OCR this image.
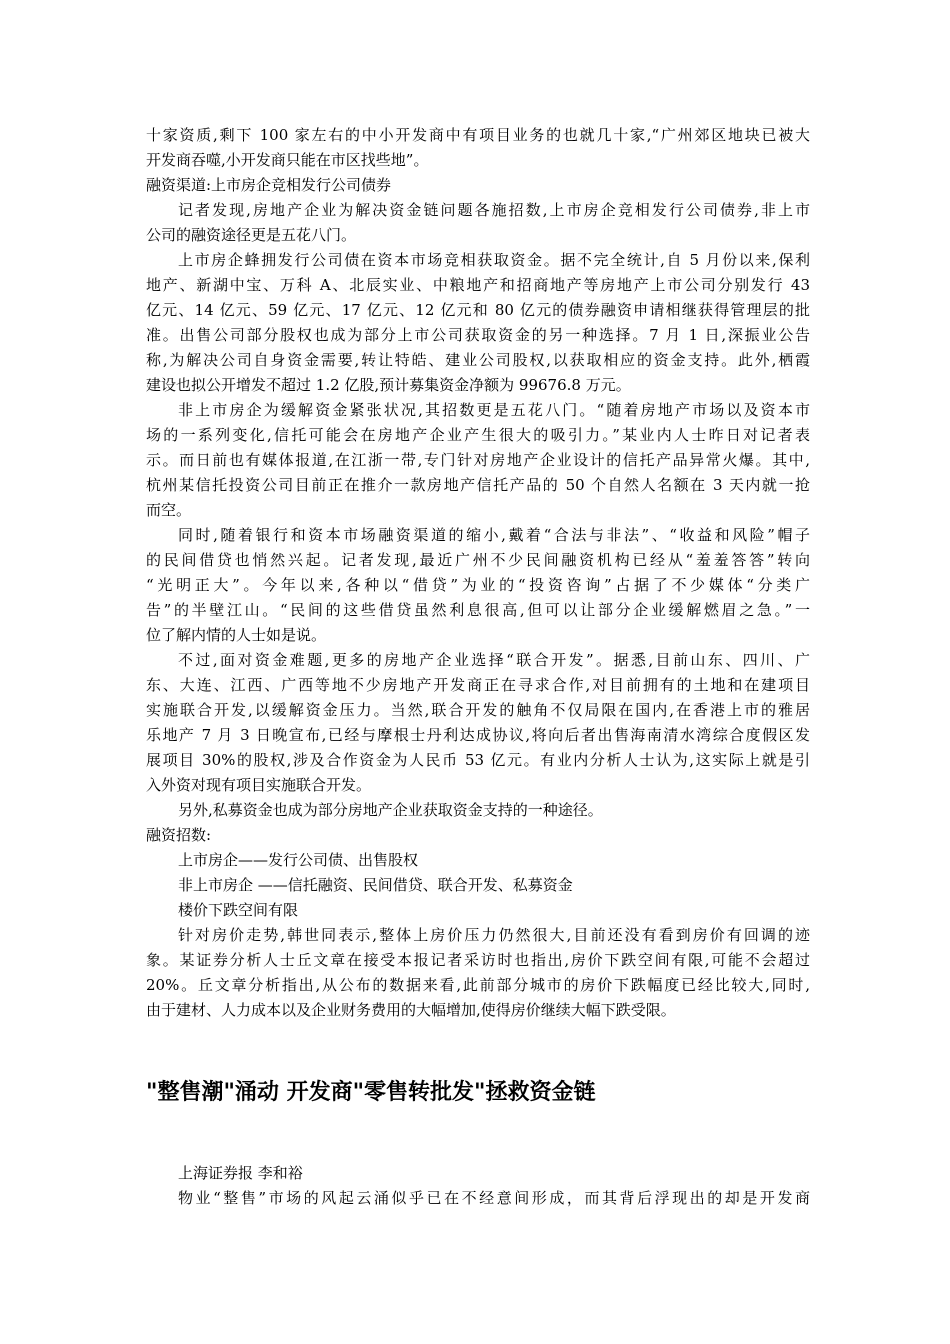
十家资质,剩下 100 家左右的中小开发商中有项目业务的也就几十家,“广州郊区地块已被大
开发商吞噬,小开发商只能在市区找些地”。
融资渠道:上市房企竞相发行公司债券
记者发现,房地产企业为解决资金链问题各施招数,上市房企竞相发行公司债券,非上市
公司的融资途径更是五花八门。
上市房企蜂拥发行公司债在资本市场竞相获取资金。据不完全统计,自 5 月份以来,保利
地产、新湖中宝、万科 A、北辰实业、中粮地产和招商地产等房地产上市公司分别发行 43
亿元、14 亿元、59 亿元、17 亿元、12 亿元和 80 亿元的债券融资申请相继获得管理层的批
准。出售公司部分股权也成为部分上市公司获取资金的另一种选择。7 月 1 日,深振业公告
称,为解决公司自身资金需要,转让特皓、建业公司股权,以获取相应的资金支持。此外,栖霞
建设也拟公开增发不超过 1.2 亿股,预计募集资金净额为 99676.8 万元。
非上市房企为缓解资金紧张状况,其招数更是五花八门。“随着房地产市场以及资本市
场的一系列变化,信托可能会在房地产企业产生很大的吸引力。”某业内人士昨日对记者表
示。而日前也有媒体报道,在江浙一带,专门针对房地产企业设计的信托产品异常火爆。其中,
杭州某信托投资公司目前正在推介一款房地产信托产品的 50 个自然人名额在 3 天内就一抢
而空。
同时,随着银行和资本市场融资渠道的缩小,戴着“合法与非法”、“收益和风险”帽子
的民间借贷也悄然兴起。记者发现,最近广州不少民间融资机构已经从“羞羞答答”转向
“光明正大”。今年以来,各种以“借贷”为业的“投资咨询”占据了不少媒体“分类广
告”的半壁江山。“民间的这些借贷虽然利息很高,但可以让部分企业缓解燃眉之急。”一
位了解内情的人士如是说。
不过,面对资金难题,更多的房地产企业选择“联合开发”。据悉,目前山东、四川、广
东、大连、江西、广西等地不少房地产开发商正在寻求合作,对目前拥有的土地和在建项目
实施联合开发,以缓解资金压力。当然,联合开发的触角不仅局限在国内,在香港上市的雅居
乐地产 7 月 3 日晚宣布,已经与摩根士丹利达成协议,将向后者出售海南清水湾综合度假区发
展项目 30%的股权,涉及合作资金为人民币 53 亿元。有业内分析人士认为,这实际上就是引
入外资对现有项目实施联合开发。
另外,私募资金也成为部分房地产企业获取资金支持的一种途径。
融资招数:
上市房企——发行公司债、出售股权
非上市房企 ——信托融资、民间借贷、联合开发、私募资金
楼价下跌空间有限
针对房价走势,韩世同表示,整体上房价压力仍然很大,目前还没有看到房价有回调的迹
象。某证券分析人士丘文章在接受本报记者采访时也指出,房价下跌空间有限,可能不会超过
20%。丘文章分析指出,从公布的数据来看,此前部分城市的房价下跌幅度已经比较大,同时,
由于建材、人力成本以及企业财务费用的大幅增加,使得房价继续大幅下跌受限。
"整售潮"涌动 开发商"零售转批发"拯救资金链
上海证券报 李和裕
物业“整售”市场的风起云涌似乎已在不经意间形成，而其背后浮现出的却是开发商
